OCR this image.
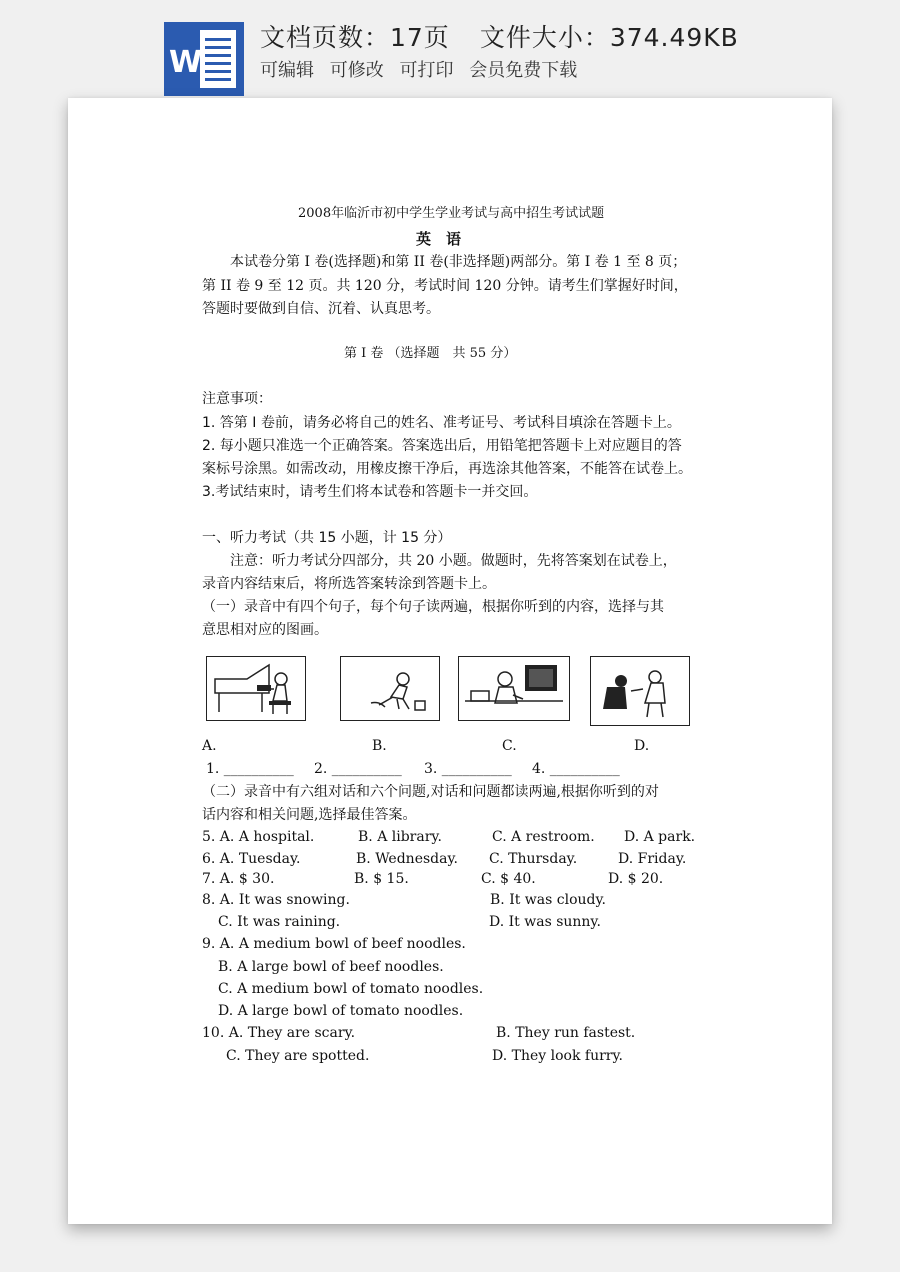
W
文档页数：17页 文件大小：374.49KB
可编辑 可修改 可打印 会员免费下载
2008年临沂市初中学生学业考试与高中招生考试试题
英　语
本试卷分第 I 卷(选择题)和第 II 卷(非选择题)两部分。第 I 卷 1 至 8 页；
第 II 卷 9 至 12 页。共 120 分，考试时间 120 分钟。请考生们掌握好时间，
答题时要做到自信、沉着、认真思考。
第 I 卷 （选择题　共 55 分）
注意事项：
1. 答第 I 卷前，请务必将自己的姓名、准考证号、考试科目填涂在答题卡上。
2. 每小题只准选一个正确答案。答案选出后，用铅笔把答题卡上对应题目的答
案标号涂黑。如需改动，用橡皮擦干净后，再选涂其他答案，不能答在试卷上。
3.考试结束时，请考生们将本试卷和答题卡一并交回。
一、听力考试（共 15 小题，计 15 分）
注意：听力考试分四部分，共 20 小题。做题时，先将答案划在试卷上，
录音内容结束后，将所选答案转涂到答题卡上。
（一）录音中有四个句子，每个句子读两遍，根据你听到的内容，选择与其
意思相对应的图画。
A.	B.	C.	D.
1. __________ 2. __________ 3. __________ 4. __________
（二）录音中有六组对话和六个问题,对话和问题都读两遍,根据你听到的对
话内容和相关问题,选择最佳答案。
5. A. A hospital.	B. A library.	C. A restroom. D. A park.
6. A. Tuesday.	B. Wednesday. C. Thursday.	D. Friday.
7. A. $ 30.	B. $ 15.	C. $ 40.	D. $ 20.
8. A. It was snowing.	B. It was cloudy.
C. It was raining.	D. It was sunny.
9. A. A medium bowl of beef noodles.
B. A large bowl of beef noodles.
C. A medium bowl of tomato noodles.
D. A large bowl of tomato noodles.
10. A. They are scary.	B. They run fastest.
C. They are spotted.	D. They look furry.
